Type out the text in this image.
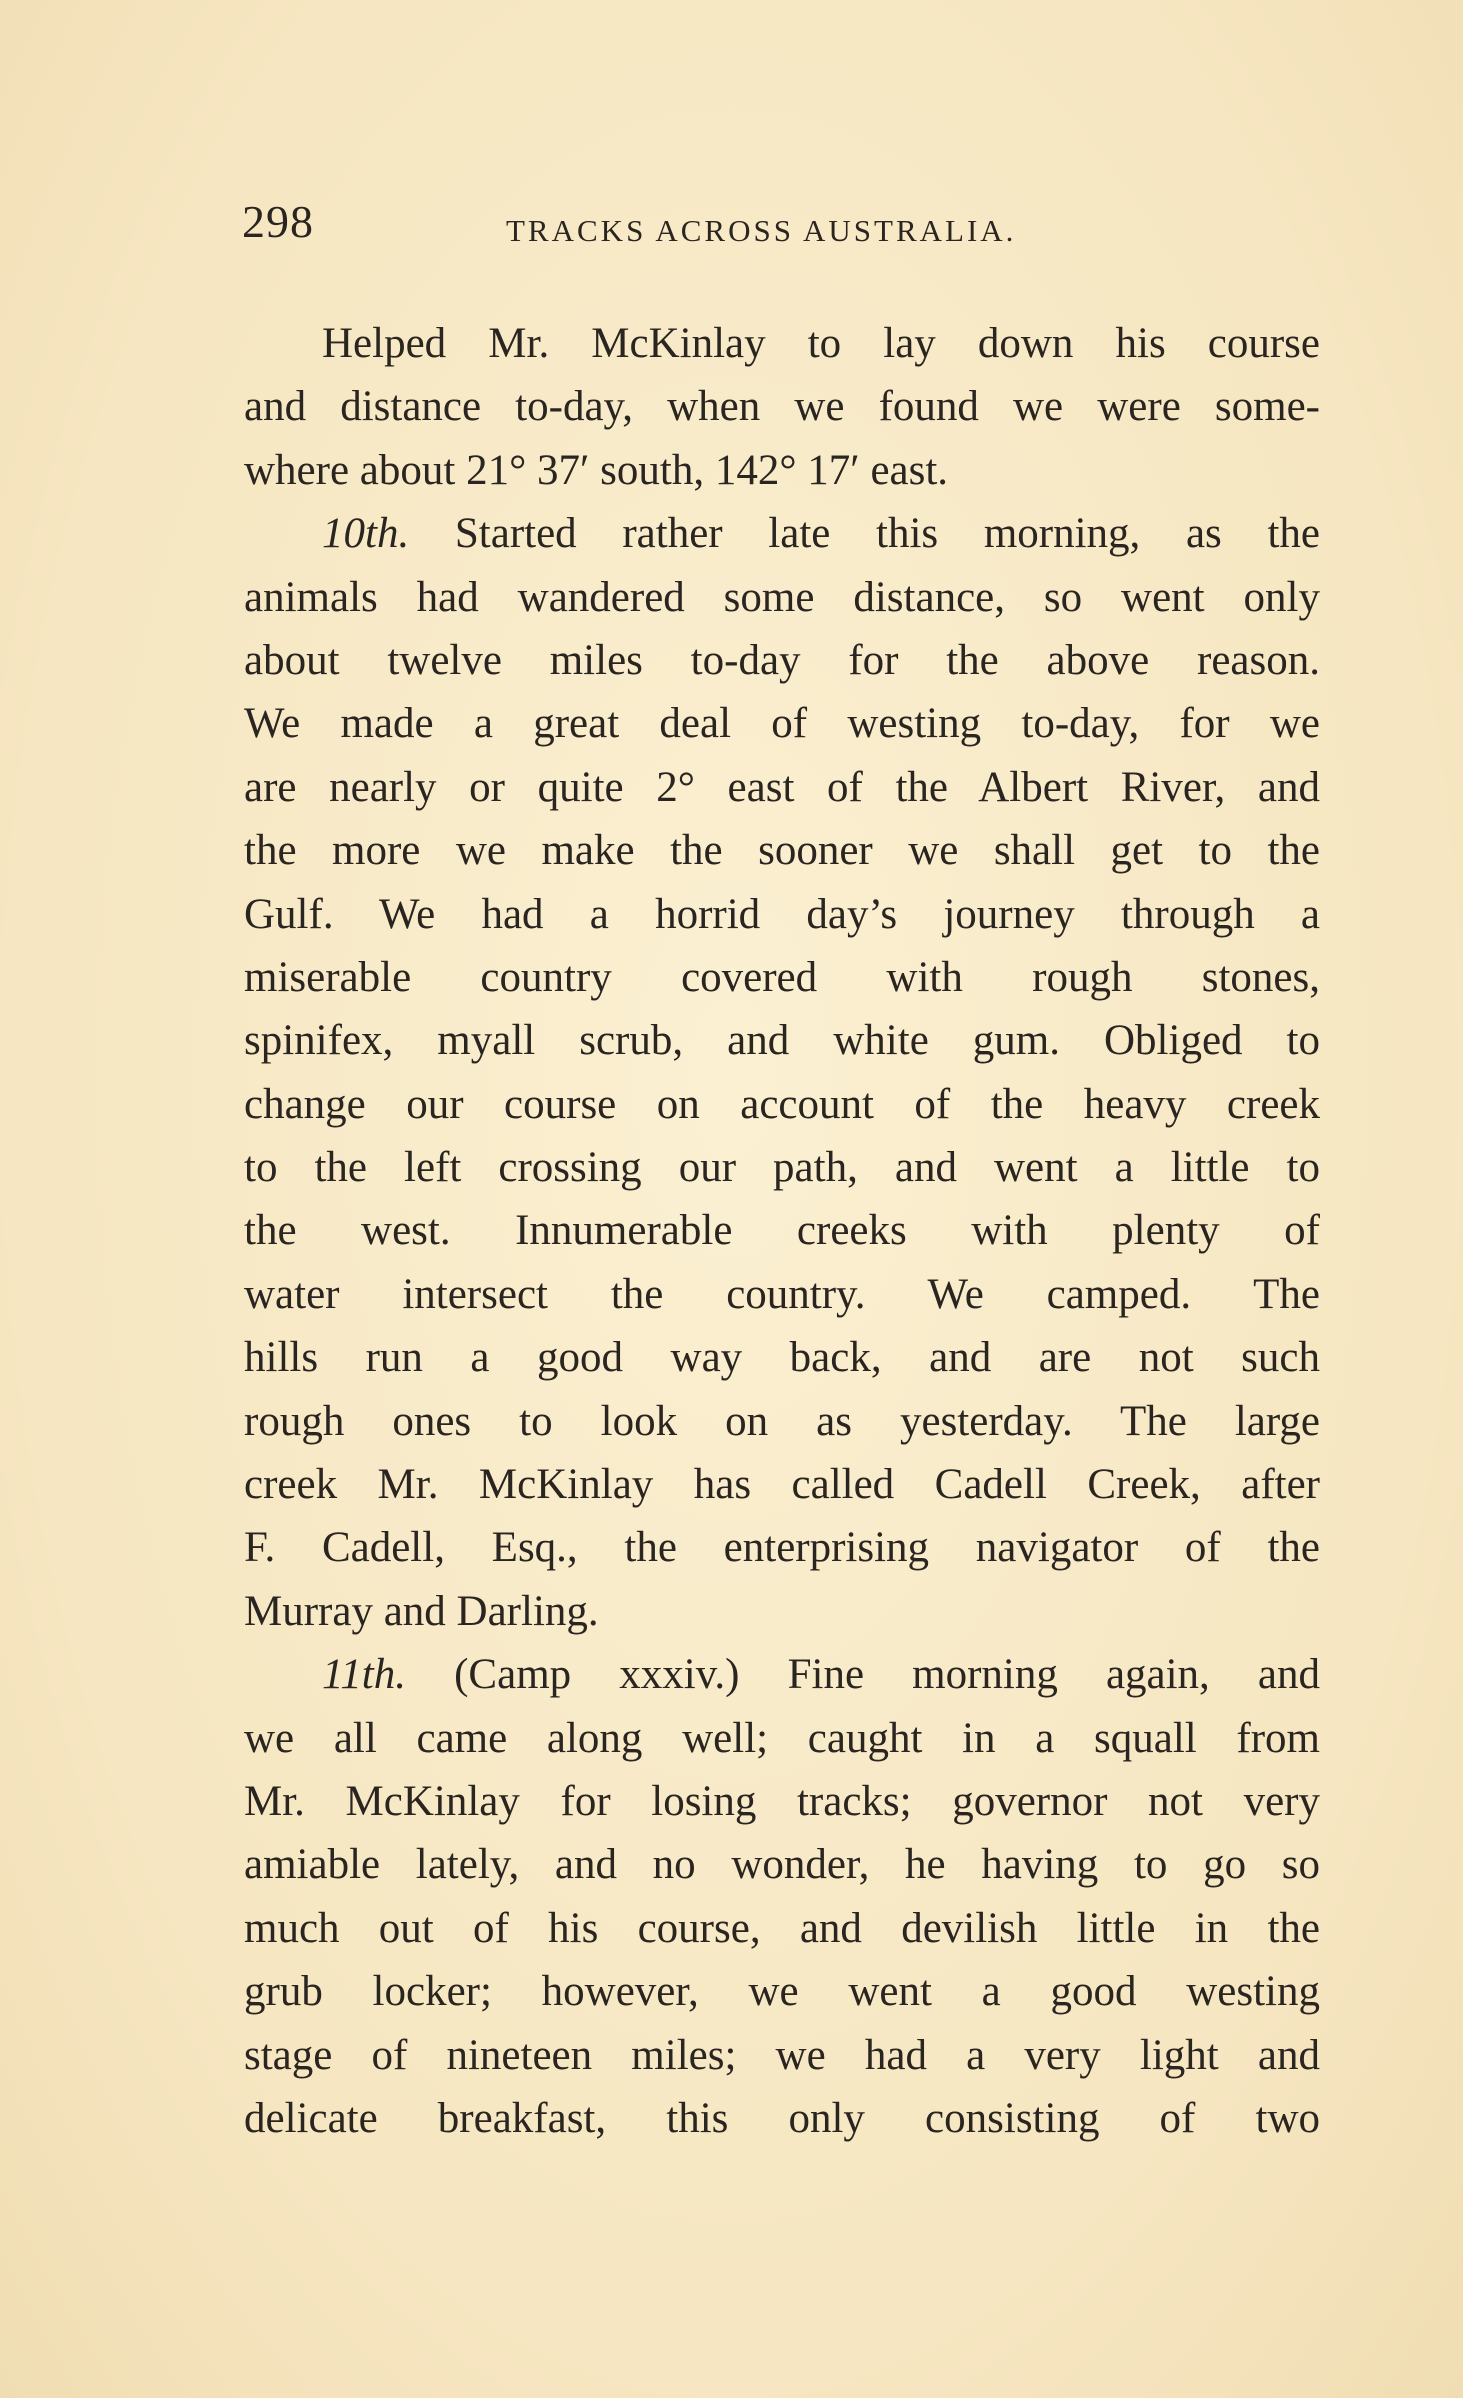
298	TRACKS ACROSS AUSTRALIA.
Helped Mr. McKinlay to lay down his course
and distance to-day, when we found we were some-
where about 21° 37′ south, 142° 17′ east.
10th. Started rather late this morning, as the
animals had wandered some distance, so went only
about twelve miles to-day for the above reason.
We made a great deal of westing to-day, for we
are nearly or quite 2° east of the Albert River, and
the more we make the sooner we shall get to the
Gulf. We had a horrid day’s journey through a
miserable country covered with rough stones,
spinifex, myall scrub, and white gum. Obliged to
change our course on account of the heavy creek
to the left crossing our path, and went a little to
the west. Innumerable creeks with plenty of
water intersect the country. We camped. The
hills run a good way back, and are not such
rough ones to look on as yesterday. The large
creek Mr. McKinlay has called Cadell Creek, after
F. Cadell, Esq., the enterprising navigator of the
Murray and Darling.
11th. (Camp xxxiv.) Fine morning again, and
we all came along well; caught in a squall from
Mr. McKinlay for losing tracks; governor not very
amiable lately, and no wonder, he having to go so
much out of his course, and devilish little in the
grub locker; however, we went a good westing
stage of nineteen miles; we had a very light and
delicate breakfast, this only consisting of two
